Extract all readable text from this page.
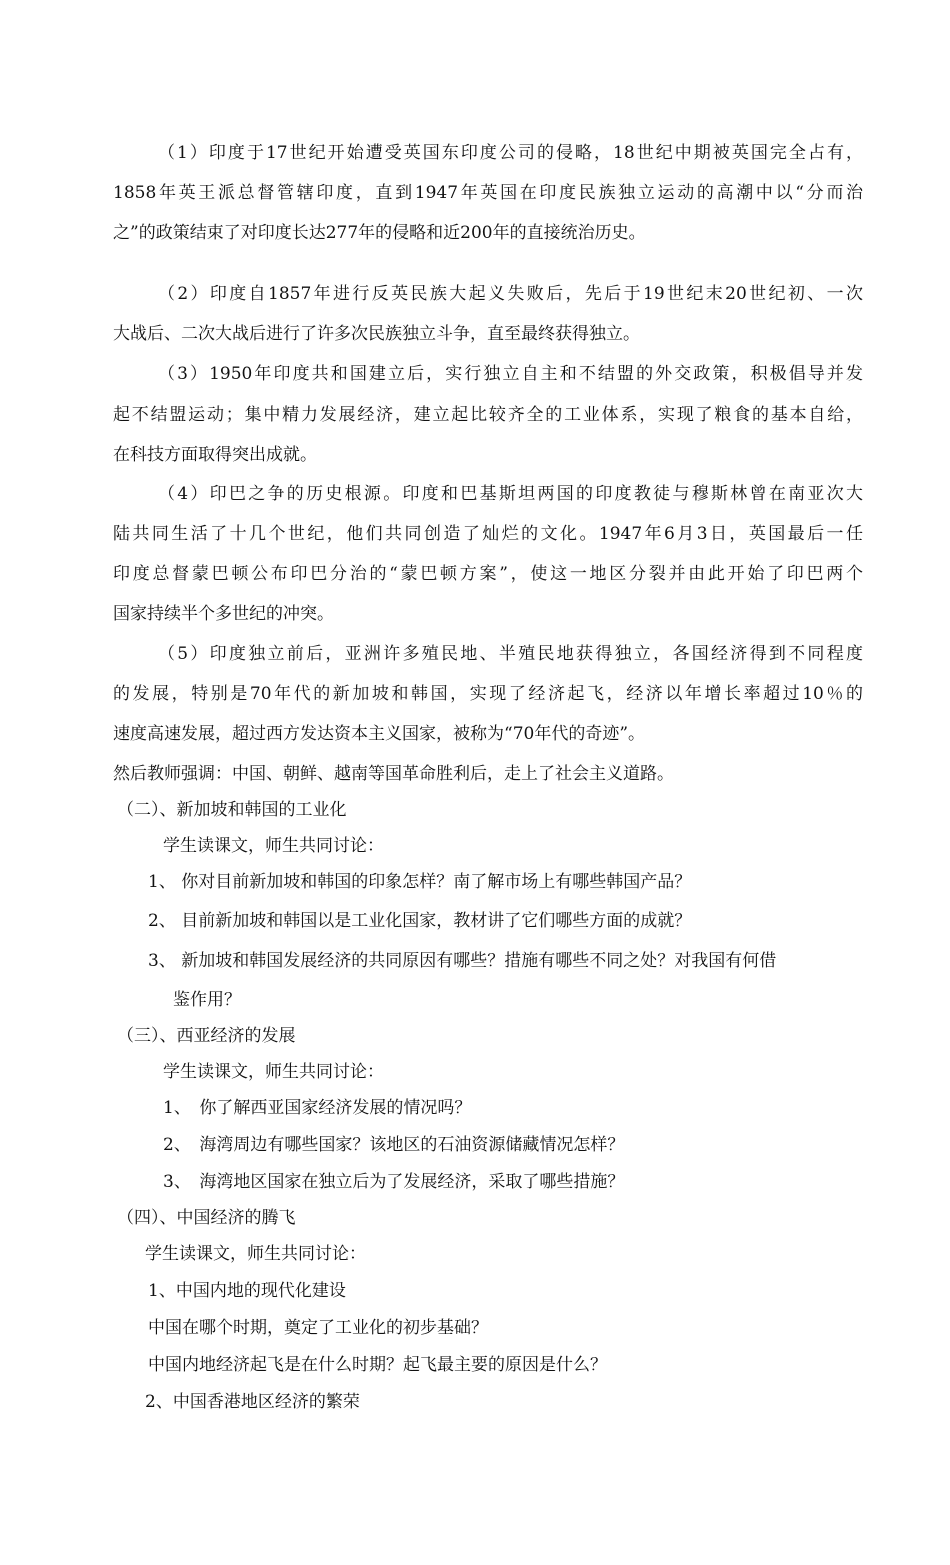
（1）印度于17世纪开始遭受英国东印度公司的侵略，18世纪中期被英国完全占有，
1858年英王派总督管辖印度，直到1947年英国在印度民族独立运动的高潮中以“分而治
之”的政策结束了对印度长达277年的侵略和近200年的直接统治历史。
（2）印度自1857年进行反英民族大起义失败后，先后于19世纪末20世纪初、一次
大战后、二次大战后进行了许多次民族独立斗争，直至最终获得独立。
（3）1950年印度共和国建立后，实行独立自主和不结盟的外交政策，积极倡导并发
起不结盟运动；集中精力发展经济，建立起比较齐全的工业体系，实现了粮食的基本自给，
在科技方面取得突出成就。
（4）印巴之争的历史根源。印度和巴基斯坦两国的印度教徒与穆斯林曾在南亚次大
陆共同生活了十几个世纪，他们共同创造了灿烂的文化。1947年6月3日，英国最后一任
印度总督蒙巴顿公布印巴分治的“蒙巴顿方案”，使这一地区分裂并由此开始了印巴两个
国家持续半个多世纪的冲突。
（5）印度独立前后，亚洲许多殖民地、半殖民地获得独立，各国经济得到不同程度
的发展，特别是70年代的新加坡和韩国，实现了经济起飞，经济以年增长率超过10％的
速度高速发展，超过西方发达资本主义国家，被称为“70年代的奇迹”。
然后教师强调：中国、朝鲜、越南等国革命胜利后，走上了社会主义道路。
（二）、新加坡和韩国的工业化
学生读课文，师生共同讨论：
1、 你对目前新加坡和韩国的印象怎样？南了解市场上有哪些韩国产品？
2、 目前新加坡和韩国以是工业化国家，教材讲了它们哪些方面的成就？
3、 新加坡和韩国发展经济的共同原因有哪些？措施有哪些不同之处？对我国有何借
鉴作用？
（三）、西亚经济的发展
学生读课文，师生共同讨论：
1、　你了解西亚国家经济发展的情况吗？
2、　海湾周边有哪些国家？该地区的石油资源储藏情况怎样？
3、　海湾地区国家在独立后为了发展经济，采取了哪些措施？
（四）、中国经济的腾飞
学生读课文，师生共同讨论：
1、中国内地的现代化建设
中国在哪个时期，奠定了工业化的初步基础？
中国内地经济起飞是在什么时期？起飞最主要的原因是什么？
2、中国香港地区经济的繁荣
